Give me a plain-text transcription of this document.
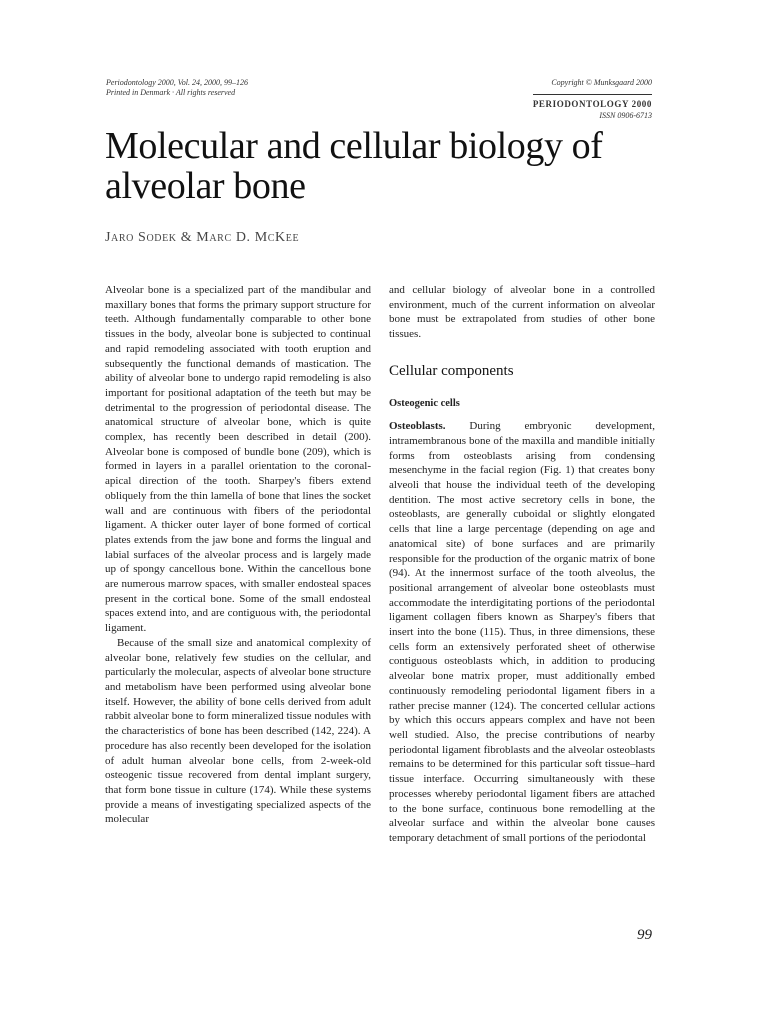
Periodontology 2000, Vol. 24, 2000, 99–126
Printed in Denmark · All rights reserved
Copyright © Munksgaard 2000
PERIODONTOLOGY 2000
ISSN 0906-6713
Molecular and cellular biology of alveolar bone

Jaro Sodek & Marc D. McKee

Alveolar bone is a specialized part of the mandibular and maxillary bones that forms the primary support structure for teeth. Although fundamentally comparable to other bone tissues in the body, alveolar bone is subjected to continual and rapid remodeling associated with tooth eruption and subsequently the functional demands of mastication. The ability of alveolar bone to undergo rapid remodeling is also important for positional adaptation of the teeth but may be detrimental to the progression of periodontal disease. The anatomical structure of alveolar bone, which is quite complex, has recently been described in detail (200). Alveolar bone is composed of bundle bone (209), which is formed in layers in a parallel orientation to the coronal-apical direction of the tooth. Sharpey's fibers extend obliquely from the thin lamella of bone that lines the socket wall and are continuous with fibers of the periodontal ligament. A thicker outer layer of bone formed of cortical plates extends from the jaw bone and forms the lingual and labial surfaces of the alveolar process and is largely made up of spongy cancellous bone. Within the cancellous bone are numerous marrow spaces, with smaller endosteal spaces present in the cortical bone. Some of the small endosteal spaces extend into, and are contiguous with, the periodontal ligament.

Because of the small size and anatomical complexity of alveolar bone, relatively few studies on the cellular, and particularly the molecular, aspects of alveolar bone structure and metabolism have been performed using alveolar bone itself. However, the ability of bone cells derived from adult rabbit alveolar bone to form mineralized tissue nodules with the characteristics of bone has been described (142, 224). A procedure has also recently been developed for the isolation of adult human alveolar bone cells, from 2-week-old osteogenic tissue recovered from dental implant surgery, that form bone tissue in culture (174). While these systems provide a means of investigating specialized aspects of the molecular

and cellular biology of alveolar bone in a controlled environment, much of the current information on alveolar bone must be extrapolated from studies of other bone tissues.

Cellular components
Osteogenic cells

Osteoblasts. During embryonic development, intramembranous bone of the maxilla and mandible initially forms from osteoblasts arising from condensing mesenchyme in the facial region (Fig. 1) that creates bony alveoli that house the individual teeth of the developing dentition. The most active secretory cells in bone, the osteoblasts, are generally cuboidal or slightly elongated cells that line a large percentage (depending on age and anatomical site) of bone surfaces and are primarily responsible for the production of the organic matrix of bone (94). At the innermost surface of the tooth alveolus, the positional arrangement of alveolar bone osteoblasts must accommodate the interdigitating portions of the periodontal ligament collagen fibers known as Sharpey's fibers that insert into the bone (115). Thus, in three dimensions, these cells form an extensively perforated sheet of otherwise contiguous osteoblasts which, in addition to producing alveolar bone matrix proper, must additionally embed continuously remodeling periodontal ligament fibers in a rather precise manner (124). The concerted cellular actions by which this occurs appears complex and have not been well studied. Also, the precise contributions of nearby periodontal ligament fibroblasts and the alveolar osteoblasts remains to be determined for this particular soft tissue–hard tissue interface. Occurring simultaneously with these processes whereby periodontal ligament fibers are attached to the bone surface, continuous bone remodelling at the alveolar surface and within the alveolar bone causes temporary detachment of small portions of the periodontal

99
